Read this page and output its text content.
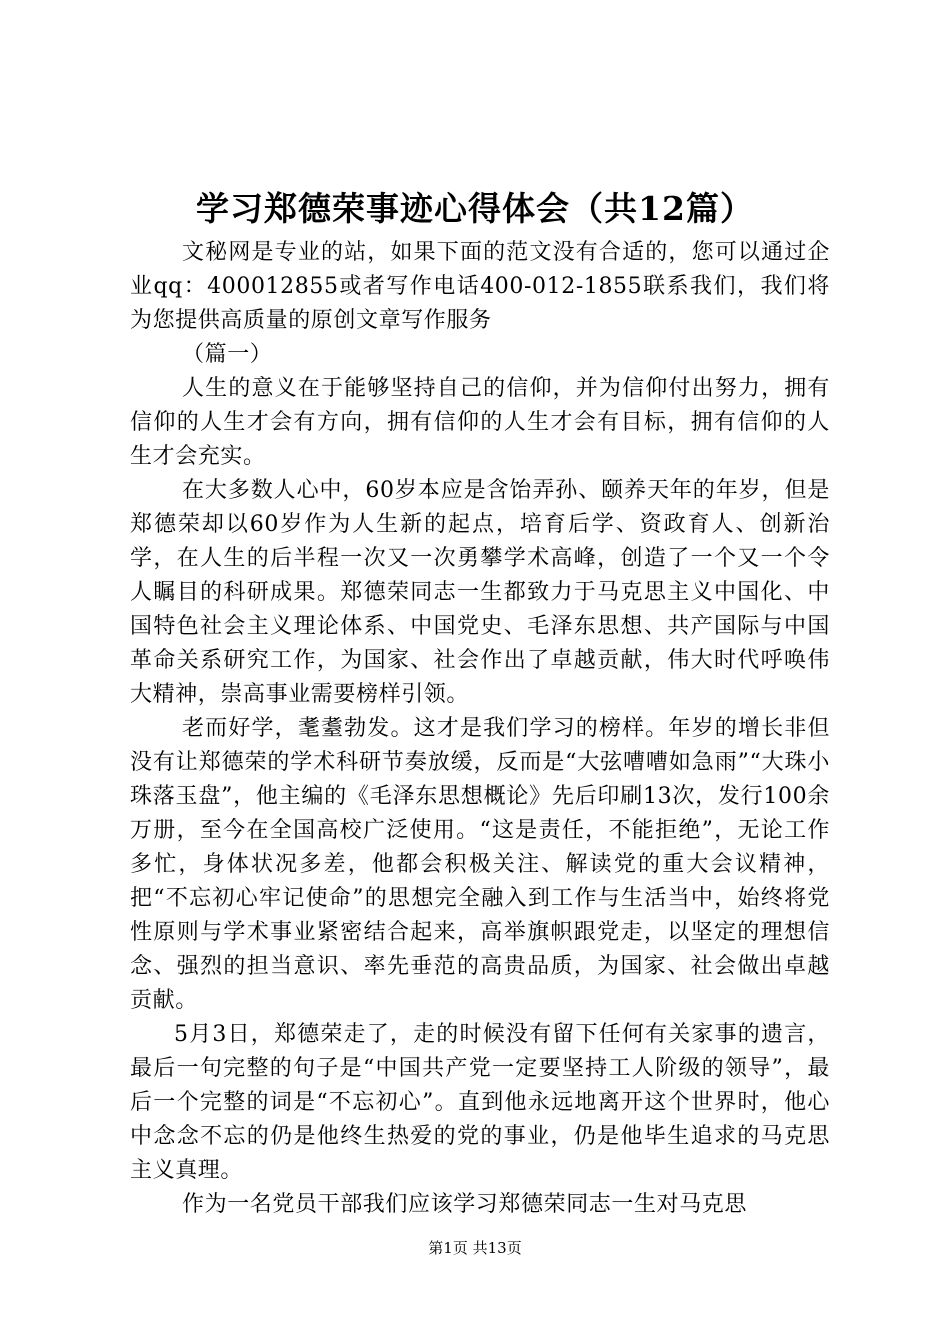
学习郑德荣事迹心得体会（共12篇）

文秘网是专业的站，如果下面的范文没有合适的，您可以通过企业qq：400012855或者写作电话400-012-1855联系我们，我们将为您提供高质量的原创文章写作服务

（篇一）

人生的意义在于能够坚持自己的信仰，并为信仰付出努力，拥有信仰的人生才会有方向，拥有信仰的人生才会有目标，拥有信仰的人生才会充实。

在大多数人心中，60岁本应是含饴弄孙、颐养天年的年岁，但是郑德荣却以60岁作为人生新的起点，培育后学、资政育人、创新治学，在人生的后半程一次又一次勇攀学术高峰，创造了一个又一个令人瞩目的科研成果。郑德荣同志一生都致力于马克思主义中国化、中国特色社会主义理论体系、中国党史、毛泽东思想、共产国际与中国革命关系研究工作，为国家、社会作出了卓越贡献，伟大时代呼唤伟大精神，崇高事业需要榜样引领。

老而好学，耄耋勃发。这才是我们学习的榜样。年岁的增长非但没有让郑德荣的学术科研节奏放缓，反而是“大弦嘈嘈如急雨”“大珠小珠落玉盘”，他主编的《毛泽东思想概论》先后印刷13次，发行100余万册，至今在全国高校广泛使用。“这是责任，不能拒绝”，无论工作多忙，身体状况多差，他都会积极关注、解读党的重大会议精神，把“不忘初心牢记使命”的思想完全融入到工作与生活当中，始终将党性原则与学术事业紧密结合起来，高举旗帜跟党走，以坚定的理想信念、强烈的担当意识、率先垂范的高贵品质，为国家、社会做出卓越贡献。

5月3日，郑德荣走了，走的时候没有留下任何有关家事的遗言，最后一句完整的句子是“中国共产党一定要坚持工人阶级的领导”，最后一个完整的词是“不忘初心”。直到他永远地离开这个世界时，他心中念念不忘的仍是他终生热爱的党的事业，仍是他毕生追求的马克思主义真理。

作为一名党员干部我们应该学习郑德荣同志一生对马克思

第1页 共13页
